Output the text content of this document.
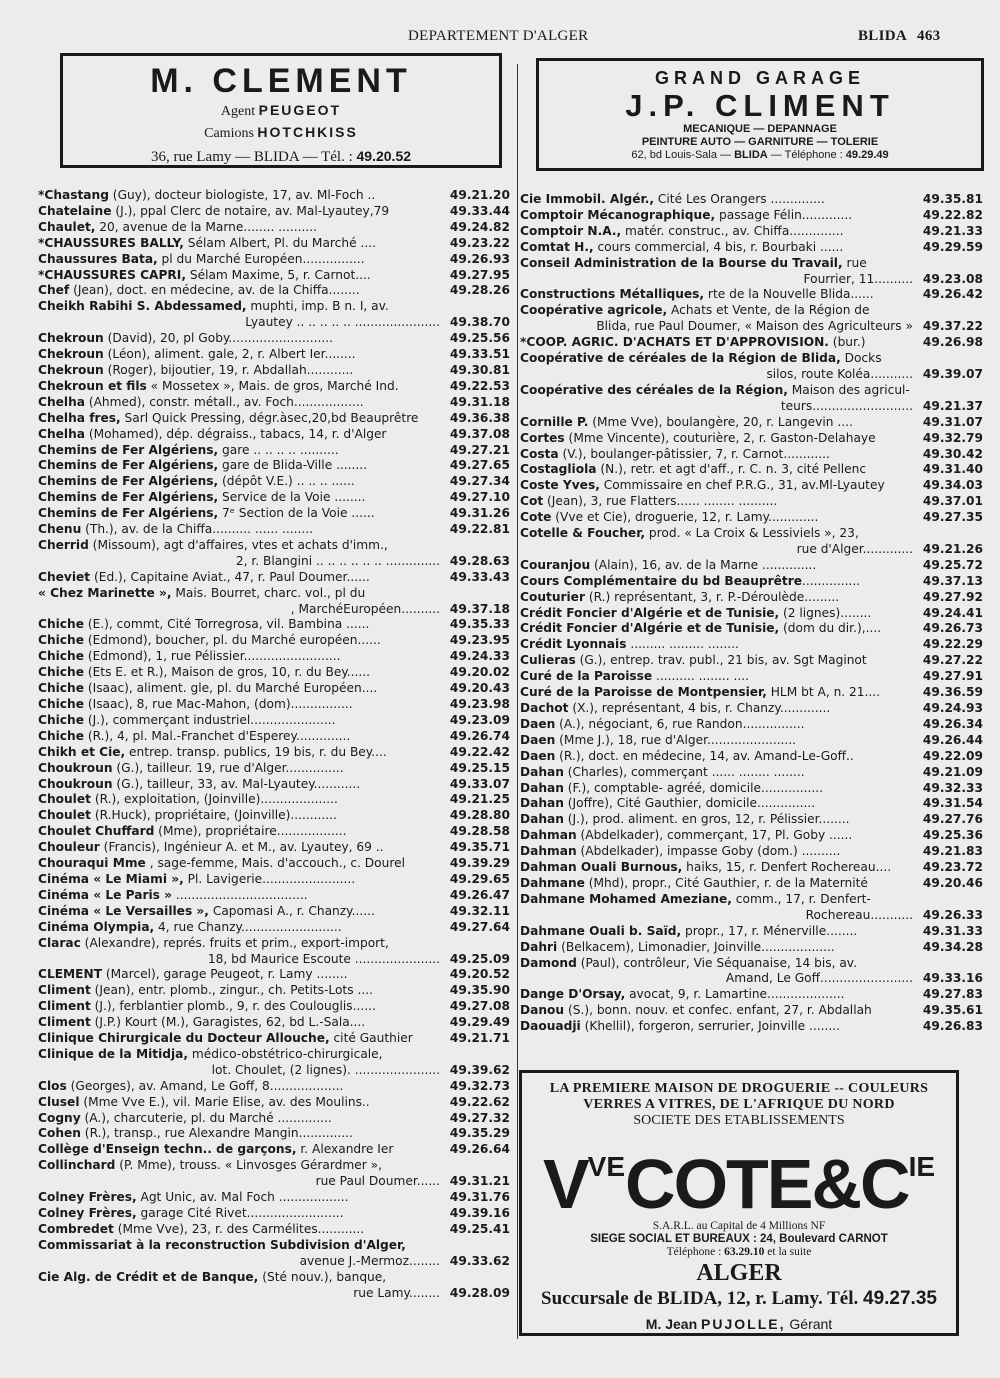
DEPARTEMENT D'ALGER	BLIDA 463
M. CLEMENT
Agent PEUGEOT
Camions HOTCHKISS
36, rue Lamy — BLIDA — Tél. : 49.20.52
GRAND GARAGE
J.P. CLIMENT
MECANIQUE — DEPANNAGE
PEINTURE AUTO — GARNITURE — TOLERIE
62, bd Louis-Sala — BLIDA — Téléphone : 49.29.49
*Chastang (Guy), docteur biologiste, 17, av. Ml-Foch ..	49.21.20
Chatelaine (J.), ppal Clerc de notaire, av. Mal-Lyautey,79	49.33.44
Chaulet, 20, avenue de la Marne........ ..........	49.24.82
*CHAUSSURES BALLY, Sélam Albert, Pl. du Marché ....	49.23.22
Chaussures Bata, pl du Marché Européen................	49.26.93
*CHAUSSURES CAPRI, Sélam Maxime, 5, r. Carnot....	49.27.95
Chef (Jean), doct. en médecine, av. de la Chiffa........	49.28.26
Cheikh Rabihi S. Abdessamed, muphti, imp. B n. I, av.
Lyautey .. .. .. .. .. ...................... 49.38.70
Chekroun (David), 20, pl Goby...........................	49.25.56
Chekroun (Léon), aliment. gale, 2, r. Albert Ier........	49.33.51
Chekroun (Roger), bijoutier, 19, r. Abdallah............	49.30.81
Chekroun et fils « Mossetex », Mais. de gros, Marché Ind.	49.22.53
Chelha (Ahmed), constr. métall., av. Foch..................	49.31.18
Chelha fres, Sarl Quick Pressing, dégr.àsec,20,bd Beauprêtre	49.36.38
Chelha (Mohamed), dép. dégraiss., tabacs, 14, r. d'Alger	49.37.08
Chemins de Fer Algériens, gare .. .. .. .. ..........	49.27.21
Chemins de Fer Algériens, gare de Blida-Ville ........	49.27.65
Chemins de Fer Algériens, (dépôt V.E.) .. .. .. ......	49.27.34
Chemins de Fer Algériens, Service de la Voie ........	49.27.10
Chemins de Fer Algériens, 7ᵉ Section de la Voie ......	49.31.26
Chenu (Th.), av. de la Chiffa.......... ...... ........	49.22.81
Cherrid (Missoum), agt d'affaires, vtes et achats d'imm.,
2, r. Blangini .. .. .. .. .. .. .............. 49.28.63
Cheviet (Ed.), Capitaine Aviat., 47, r. Paul Doumer......	49.33.43
« Chez Marinette », Mais. Bourret, charc. vol., pl du
, MarchéEuropéen.......... 49.37.18
Chiche (E.), commt, Cité Torregrosa, vil. Bambina ......	49.35.33
Chiche (Edmond), boucher, pl. du Marché européen......	49.23.95
Chiche (Edmond), 1, rue Pélissier.........................	49.24.33
Chiche (Ets E. et R.), Maison de gros, 10, r. du Bey......	49.20.02
Chiche (Isaac), aliment. gle, pl. du Marché Européen....	49.20.43
Chiche (Isaac), 8, rue Mac-Mahon, (dom)................	49.23.98
Chiche (J.), commerçant industriel......................	49.23.09
Chiche (R.), 4, pl. Mal.-Franchet d'Esperey..............	49.26.74
Chikh et Cie, entrep. transp. publics, 19 bis, r. du Bey....	49.22.42
Choukroun (G.), tailleur. 19, rue d'Alger...............	49.25.15
Choukroun (G.), tailleur, 33, av. Mal-Lyautey............	49.33.07
Choulet (R.), exploitation, (Joinville)....................	49.21.25
Choulet (R.Huck), propriétaire, (Joinville)............	49.28.80
Choulet Chuffard (Mme), propriétaire..................	49.28.58
Chouleur (Francis), Ingénieur A. et M., av. Lyautey, 69 ..	49.35.71
Chouraqui Mme , sage-femme, Mais. d'accouch., c. Dourel	49.39.29
Cinéma « Le Miami », Pl. Lavigerie........................	49.29.65
Cinéma « Le Paris » ..................................	49.26.47
Cinéma « Le Versailles », Capomasi A., r. Chanzy......	49.32.11
Cinéma Olympia, 4, rue Chanzy..........................	49.27.64
Clarac (Alexandre), représ. fruits et prim., export-import,
18, bd Maurice Escoute ...................... 49.25.09
CLEMENT (Marcel), garage Peugeot, r. Lamy ........	49.20.52
Climent (Jean), entr. plomb., zingur., ch. Petits-Lots ....	49.35.90
Climent (J.), ferblantier plomb., 9, r. des Coulouglis......	49.27.08
Climent (J.P.) Kourt (M.), Garagistes, 62, bd L.-Sala....	49.29.49
Clinique Chirurgicale du Docteur Allouche, cité Gauthier	49.21.71
Clinique de la Mitidja, médico-obstétrico-chirurgicale,
lot. Choulet, (2 lignes). ...................... 49.39.62
Clos (Georges), av. Amand, Le Goff, 8...................	49.32.73
Clusel (Mme Vve E.), vil. Marie Elise, av. des Moulins..	49.22.62
Cogny (A.), charcuterie, pl. du Marché ..............	49.27.32
Cohen (R.), transp., rue Alexandre Mangin..............	49.35.29
Collège d'Enseign techn.. de garçons, r. Alexandre Ier	49.26.64
Collinchard (P. Mme), trouss. « Linvosges Gérardmer »,
rue Paul Doumer...... 49.31.21
Colney Frères, Agt Unic, av. Mal Foch ..................	49.31.76
Colney Frères, garage Cité Rivet.........................	49.39.16
Combredet (Mme Vve), 23, r. des Carmélites............	49.25.41
Commissariat à la reconstruction Subdivision d'Alger,
avenue J.-Mermoz........ 49.33.62
Cie Alg. de Crédit et de Banque, (Sté nouv.), banque,
rue Lamy........ 49.28.09
Cie Immobil. Algér., Cité Les Orangers ..............	49.35.81
Comptoir Mécanographique, passage Félin.............	49.22.82
Comptoir N.A., matér. construc., av. Chiffa..............	49.21.33
Comtat H., cours commercial, 4 bis, r. Bourbaki ......	49.29.59
Conseil Administration de la Bourse du Travail, rue
Fourrier, 11.......... 49.23.08
Constructions Métalliques, rte de la Nouvelle Blida......	49.26.42
Coopérative agricole, Achats et Vente, de la Région de
Blida, rue Paul Doumer, « Maison des Agriculteurs » 49.37.22
*COOP. AGRIC. D'ACHATS ET D'APPROVISION. (bur.)	49.26.98
Coopérative de céréales de la Région de Blida, Docks
silos, route Koléa........... 49.39.07
Coopérative des céréales de la Région, Maison des agricul-
teurs.......................... 49.21.37
Cornille P. (Mme Vve), boulangère, 20, r. Langevin ....	49.31.07
Cortes (Mme Vincente), couturière, 2, r. Gaston-Delahaye	49.32.79
Costa (V.), boulanger-pâtissier, 7, r. Carnot............	49.30.42
Costagliola (N.), retr. et agt d'aff., r. C. n. 3, cité Pellenc	49.31.40
Coste Yves, Commissaire en chef P.R.G., 31, av.Ml-Lyautey	49.34.03
Cot (Jean), 3, rue Flatters...... ........ ..........	49.37.01
Cote (Vve et Cie), droguerie, 12, r. Lamy.............	49.27.35
Cotelle & Foucher, prod. « La Croix & Lessiviels », 23,
rue d'Alger............. 49.21.26
Couranjou (Alain), 16, av. de la Marne ..............	49.25.72
Cours Complémentaire du bd Beauprêtre...............	49.37.13
Couturier (R.) représentant, 3, r. P.-Déroulède.........	49.27.92
Crédit Foncier d'Algérie et de Tunisie, (2 lignes)........	49.24.41
Crédit Foncier d'Algérie et de Tunisie, (dom du dir.),....	49.26.73
Crédit Lyonnais ......... ......... ........	49.22.29
Culieras (G.), entrep. trav. publ., 21 bis, av. Sgt Maginot	49.27.22
Curé de la Paroisse .......... ........ ....	49.27.91
Curé de la Paroisse de Montpensier, HLM bt A, n. 21....	49.36.59
Dachot (X.), représentant, 4 bis, r. Chanzy.............	49.24.93
Daen (A.), négociant, 6, rue Randon................	49.26.34
Daen (Mme J.), 18, rue d'Alger.......................	49.26.44
Daen (R.), doct. en médecine, 14, av. Amand-Le-Goff..	49.22.09
Dahan (Charles), commerçant ...... ........ ........	49.21.09
Dahan (F.), comptable- agréé, domicile................	49.32.33
Dahan (Joffre), Cité Gauthier, domicile...............	49.31.54
Dahan (J.), prod. aliment. en gros, 12, r. Pélissier........	49.27.76
Dahman (Abdelkader), commerçant, 17, Pl. Goby ......	49.25.36
Dahman (Abdelkader), impasse Goby (dom.) ..........	49.21.83
Dahman Ouali Burnous, haiks, 15, r. Denfert Rochereau....	49.23.72
Dahmane (Mhd), propr., Cité Gauthier, r. de la Maternité	49.20.46
Dahmane Mohamed Ameziane, comm., 17, r. Denfert-
Rochereau........... 49.26.33
Dahmane Ouali b. Saïd, propr., 17, r. Ménerville........	49.31.33
Dahri (Belkacem), Limonadier, Joinville...................	49.34.28
Damond (Paul), contrôleur, Vie Séquanaise, 14 bis, av.
Amand, Le Goff........................ 49.33.16
Dange D'Orsay, avocat, 9, r. Lamartine....................	49.27.83
Danou (S.), bonn. nouv. et confec. enfant, 27, r. Abdallah	49.35.61
Daouadji (Khellil), forgeron, serrurier, Joinville ........	49.26.83
LA PREMIERE MAISON DE DROGUERIE -- COULEURS
VERRES A VITRES, DE L'AFRIQUE DU NORD
SOCIETE DES ETABLISSEMENTS
$V^{VE}COTE\&C^{IE}$
S.A.R.L. au Capital de 4 Millions NF
SIEGE SOCIAL ET BUREAUX : 24, Boulevard CARNOT
Téléphone : 63.29.10 et la suite
ALGER
Succursale de BLIDA, 12, r. Lamy. Tél. 49.27.35
M. Jean PUJOLLE, Gérant
